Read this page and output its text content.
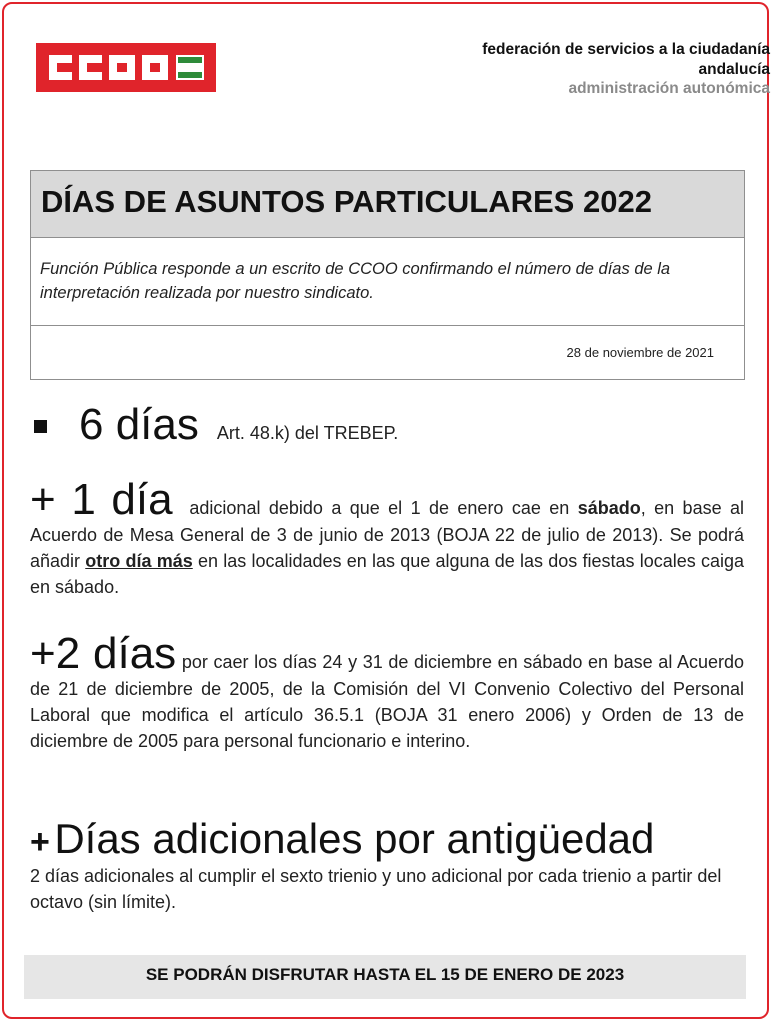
federación de servicios a la ciudadanía
andalucía
administración autonómica
DÍAS DE ASUNTOS PARTICULARES 2022
Función Pública responde a un escrito de CCOO confirmando el número de días de la interpretación realizada por nuestro sindicato.
28 de noviembre de 2021
6 días Art. 48.k) del TREBEP.
+ 1 día adicional debido a que el 1 de enero cae en sábado, en base al Acuerdo de Mesa General de 3 de junio de 2013 (BOJA 22 de julio de 2013). Se podrá añadir otro día más en las localidades en las que alguna de las dos fiestas locales caiga en sábado.
+2 días por caer los días 24 y 31 de diciembre en sábado en base al Acuerdo de 21 de diciembre de 2005, de la Comisión del VI Convenio Colectivo del Personal Laboral que modifica el artículo 36.5.1 (BOJA 31 enero 2006) y Orden de 13 de diciembre de 2005 para personal funcionario e interino.
+ Días adicionales por antigüedad
2 días adicionales al cumplir el sexto trienio y uno adicional por cada trienio a partir del octavo (sin límite).
SE PODRÁN DISFRUTAR HASTA EL 15 DE ENERO DE 2023
